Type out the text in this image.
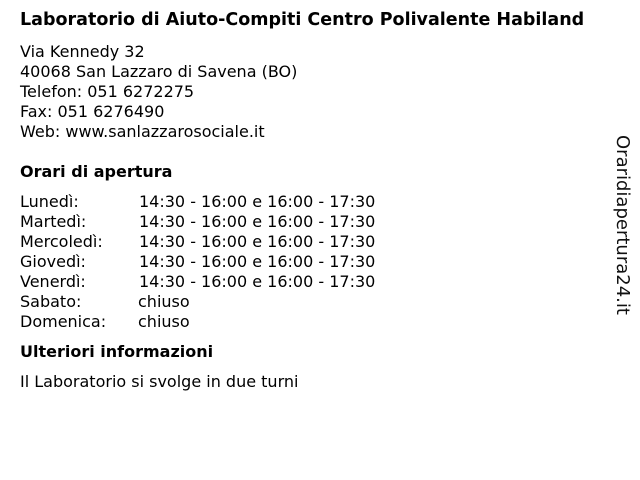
Laboratorio di Aiuto-Compiti Centro Polivalente Habiland
Via Kennedy 32
40068 San Lazzaro di Savena (BO)
Telefon: 051 6272275
Fax: 051 6276490
Web: www.sanlazzarosociale.it
Orari di apertura
Lunedì:	14:30 - 16:00 e 16:00 - 17:30
Martedì:	14:30 - 16:00 e 16:00 - 17:30
Mercoledì:	14:30 - 16:00 e 16:00 - 17:30
Giovedì:	14:30 - 16:00 e 16:00 - 17:30
Venerdì:	14:30 - 16:00 e 16:00 - 17:30
Sabato:	chiuso
Domenica:	chiuso
Ulteriori informazioni
Il Laboratorio si svolge in due turni
Oraridiapertura24.it
